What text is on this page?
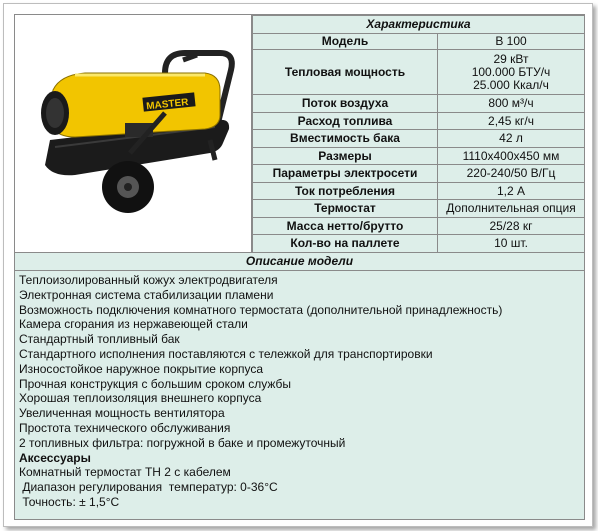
MASTER
Характеристика	
Модель	В 100
Тепловая мощность	29 кВт
100.000 БТУ/ч
25.000 Ккал/ч

Поток воздуха	800 м³/ч
Расход топлива	2,45 кг/ч
Вместимость бака	42 л
Размеры	1110х400х450 мм
Параметры электросети	220-240/50 В/Гц
Ток потребления	1,2 А
Термостат	Дополнительная опция
Масса нетто/брутто	25/28 кг
Кол-во на паллете	10 шт.
Описание модели
Теплоизолированный кожух электродвигателя
Электронная система стабилизации пламени
Возможность подключения комнатного термостата (дополнительной принадлежность)
Камера сгорания из нержавеющей стали
Стандартный топливный бак
Стандартного исполнения поставляются с тележкой для транспортировки
Износостойкое наружное покрытие корпуса
Прочная конструкция с большим сроком службы
Хорошая теплоизоляция внешнего корпуса
Увеличенная мощность вентилятора
Простота технического обслуживания
2 топливных фильтра: погружной в баке и промежуточный
Аксессуары
Комнатный термостат ТН 2 с кабелем
Диапазон регулирования  температур: 0-36°С
Точность: ± 1,5°С
